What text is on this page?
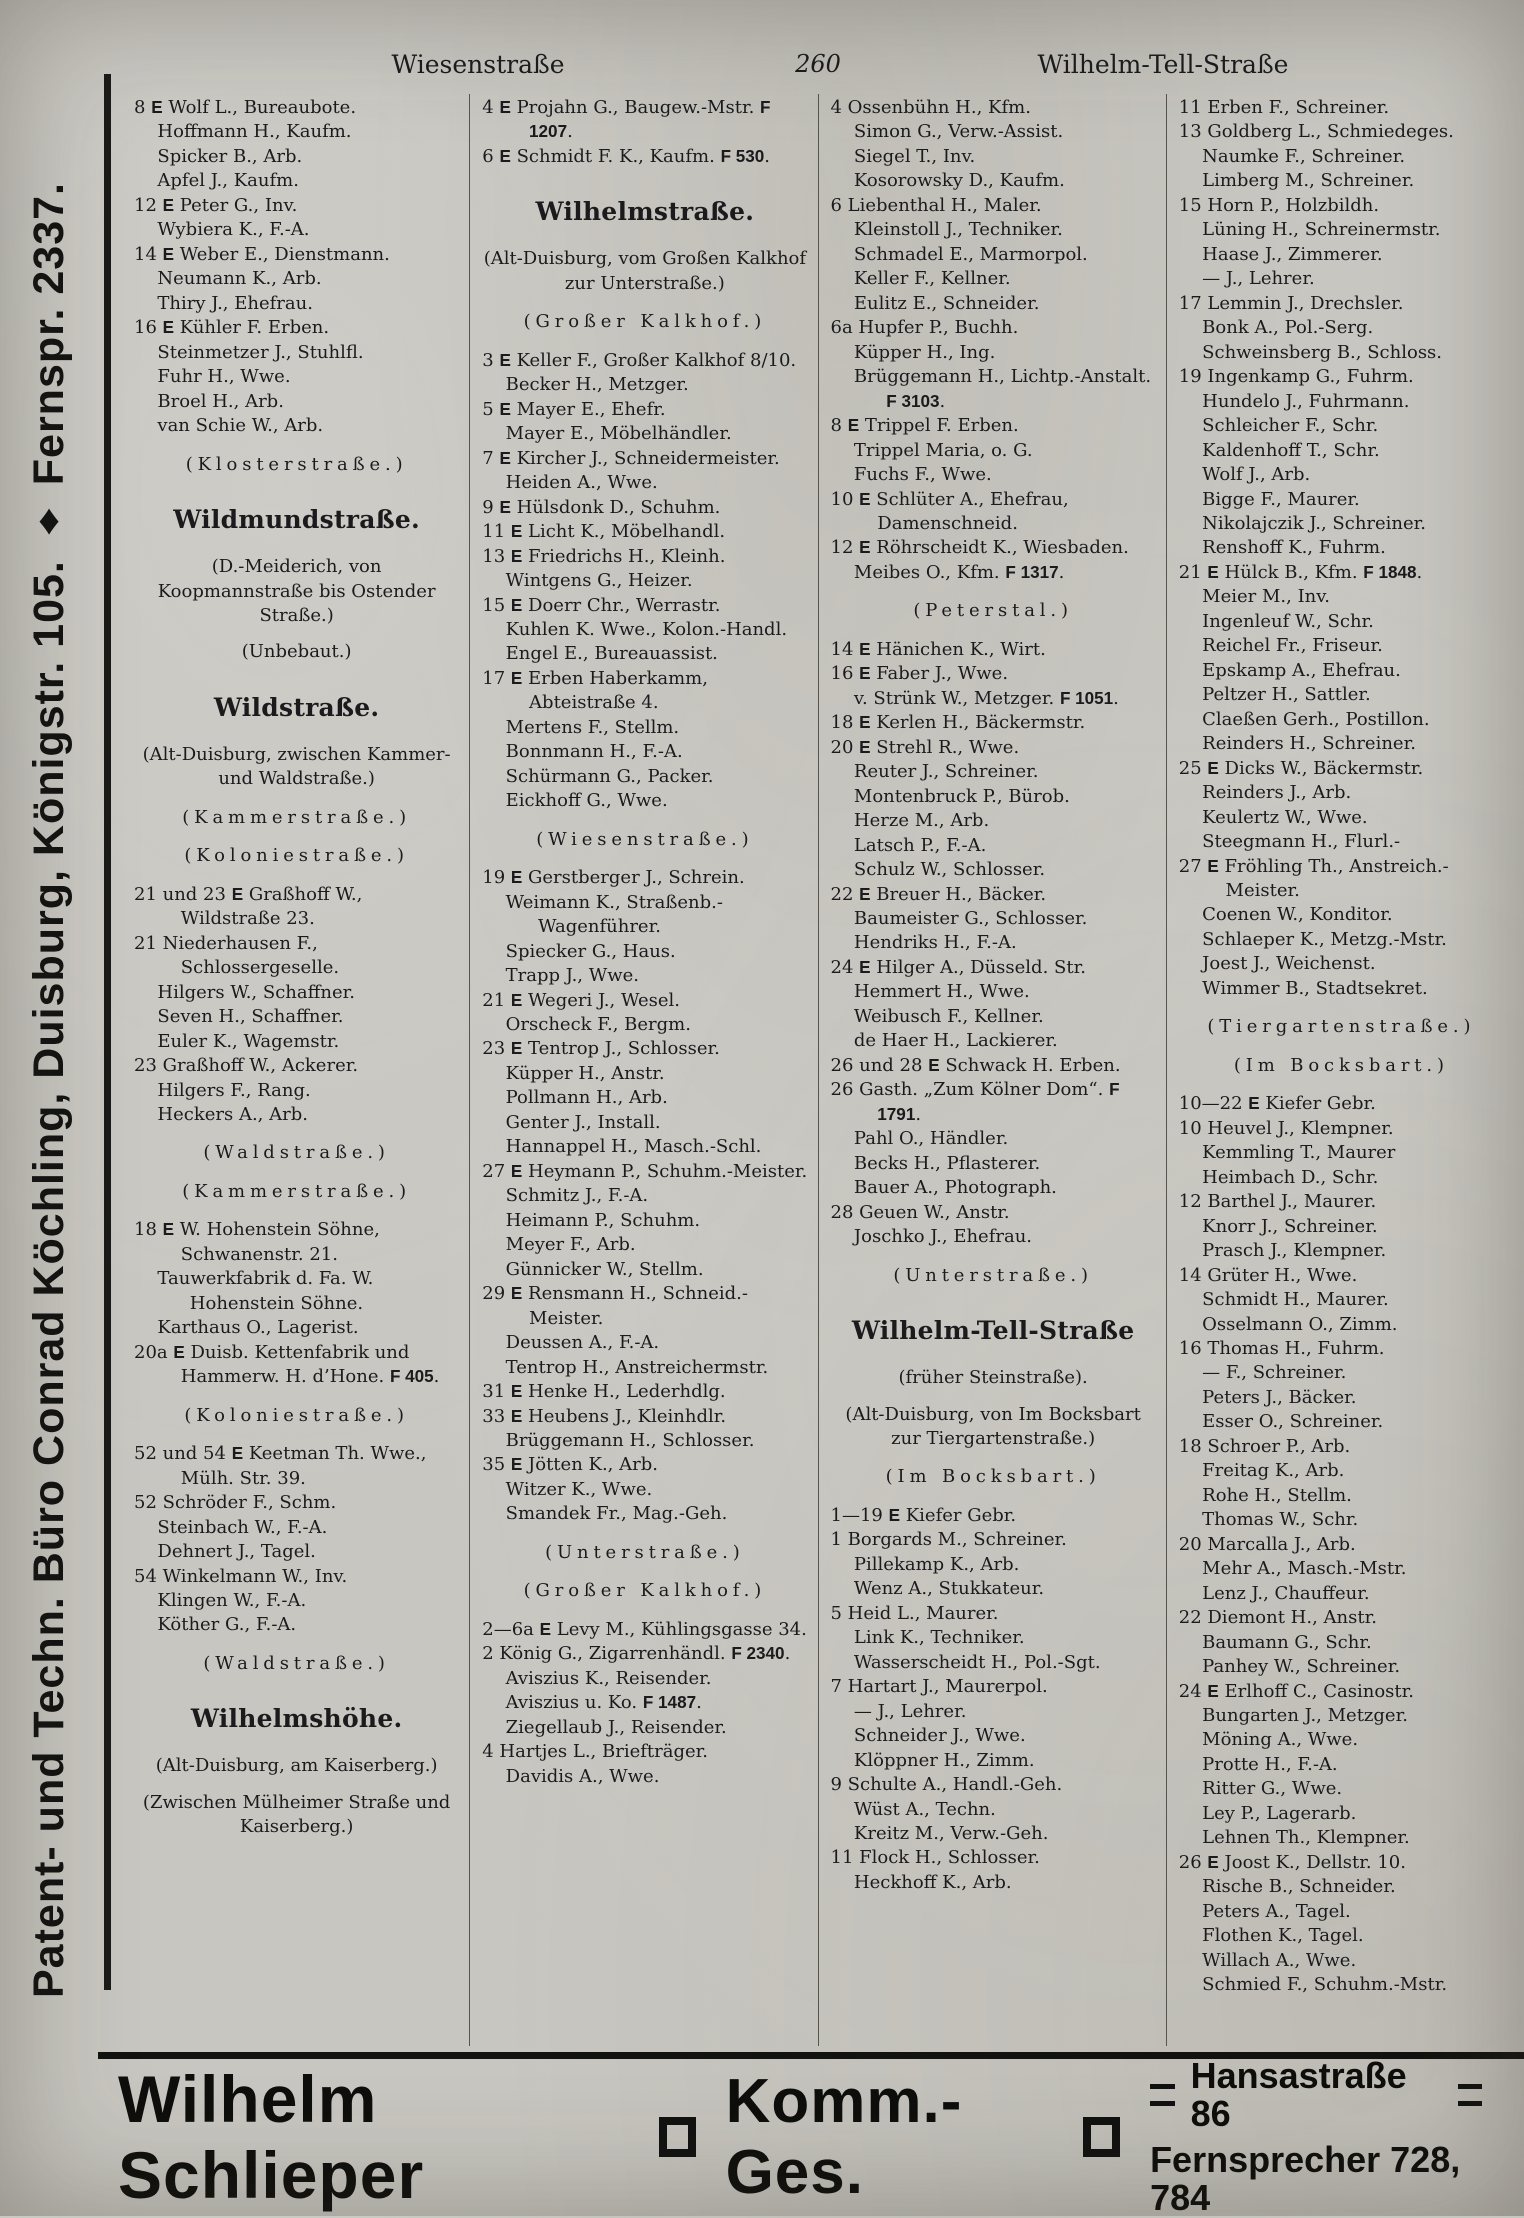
Patent- und Techn. Büro Conrad Köchling, Duisburg, Königstr. 105. ♦ Fernspr. 2337.
Wiesenstraße	260	Wilhelm-Tell-Straße
8 E Wolf L., Bureaubote.
Hoffmann H., Kaufm.
Spicker B., Arb.
Apfel J., Kaufm.
12 E Peter G., Inv.
Wybiera K., F.-A.
14 E Weber E., Dienstmann.
Neumann K., Arb.
Thiry J., Ehefrau.
16 E Kühler F. Erben.
Steinmetzer J., Stuhlfl.
Fuhr H., Wwe.
Broel H., Arb.
van Schie W., Arb.
(Klosterstraße.)
Wildmundstraße.
(D.-Meiderich, von Koopmannstraße bis Ostender Straße.)
(Unbebaut.)
Wildstraße.
(Alt-Duisburg, zwischen Kammer- und Waldstraße.)
(Kammerstraße.)
(Koloniestraße.)
21 und 23 E Graßhoff W., Wildstraße 23.
21 Niederhausen F., Schlossergeselle.
Hilgers W., Schaffner.
Seven H., Schaffner.
Euler K., Wagemstr.
23 Graßhoff W., Ackerer.
Hilgers F., Rang.
Heckers A., Arb.
(Waldstraße.)
(Kammerstraße.)
18 E W. Hohenstein Söhne, Schwanenstr. 21.
Tauwerkfabrik d. Fa. W. Hohenstein Söhne.
Karthaus O., Lagerist.
20a E Duisb. Kettenfabrik und Hammerw. H. d’Hone. F 405.
(Koloniestraße.)
52 und 54 E Keetman Th. Wwe., Mülh. Str. 39.
52 Schröder F., Schm.
Steinbach W., F.-A.
Dehnert J., Tagel.
54 Winkelmann W., Inv.
Klingen W., F.-A.
Köther G., F.-A.
(Waldstraße.)
Wilhelmshöhe.
(Alt-Duisburg, am Kaiserberg.)
(Zwischen Mülheimer Straße und Kaiserberg.)
4 E Projahn G., Baugew.-Mstr. F 1207.
6 E Schmidt F. K., Kaufm. F 530.
Wilhelmstraße.
(Alt-Duisburg, vom Großen Kalkhof zur Unterstraße.)
(Großer Kalkhof.)
3 E Keller F., Großer Kalkhof 8/10.
Becker H., Metzger.
5 E Mayer E., Ehefr.
Mayer E., Möbelhändler.
7 E Kircher J., Schneidermeister.
Heiden A., Wwe.
9 E Hülsdonk D., Schuhm.
11 E Licht K., Möbelhandl.
13 E Friedrichs H., Kleinh.
Wintgens G., Heizer.
15 E Doerr Chr., Werrastr.
Kuhlen K. Wwe., Kolon.-Handl.
Engel E., Bureauassist.
17 E Erben Haberkamm, Abteistraße 4.
Mertens F., Stellm.
Bonnmann H., F.-A.
Schürmann G., Packer.
Eickhoff G., Wwe.
(Wiesenstraße.)
19 E Gerstberger J., Schrein.
Weimann K., Straßenb.-Wagenführer.
Spiecker G., Haus.
Trapp J., Wwe.
21 E Wegeri J., Wesel.
Orscheck F., Bergm.
23 E Tentrop J., Schlosser.
Küpper H., Anstr.
Pollmann H., Arb.
Genter J., Install.
Hannappel H., Masch.-Schl.
27 E Heymann P., Schuhm.-Meister.
Schmitz J., F.-A.
Heimann P., Schuhm.
Meyer F., Arb.
Günnicker W., Stellm.
29 E Rensmann H., Schneid.-Meister.
Deussen A., F.-A.
Tentrop H., Anstreichermstr.
31 E Henke H., Lederhdlg.
33 E Heubens J., Kleinhdlr.
Brüggemann H., Schlosser.
35 E Jötten K., Arb.
Witzer K., Wwe.
Smandek Fr., Mag.-Geh.
(Unterstraße.)
(Großer Kalkhof.)
2—6a E Levy M., Kühlingsgasse 34.
2 König G., Zigarrenhändl. F 2340.
Aviszius K., Reisender.
Aviszius u. Ko. F 1487.
Ziegellaub J., Reisender.
4 Hartjes L., Briefträger.
Davidis A., Wwe.
4 Ossenbühn H., Kfm.
Simon G., Verw.-Assist.
Siegel T., Inv.
Kosorowsky D., Kaufm.
6 Liebenthal H., Maler.
Kleinstoll J., Techniker.
Schmadel E., Marmorpol.
Keller F., Kellner.
Eulitz E., Schneider.
6a Hupfer P., Buchh.
Küpper H., Ing.
Brüggemann H., Lichtp.-Anstalt. F 3103.
8 E Trippel F. Erben.
Trippel Maria, o. G.
Fuchs F., Wwe.
10 E Schlüter A., Ehefrau, Damenschneid.
12 E Röhrscheidt K., Wiesbaden.
Meibes O., Kfm. F 1317.
(Peterstal.)
14 E Hänichen K., Wirt.
16 E Faber J., Wwe.
v. Strünk W., Metzger. F 1051.
18 E Kerlen H., Bäckermstr.
20 E Strehl R., Wwe.
Reuter J., Schreiner.
Montenbruck P., Bürob.
Herze M., Arb.
Latsch P., F.-A.
Schulz W., Schlosser.
22 E Breuer H., Bäcker.
Baumeister G., Schlosser.
Hendriks H., F.-A.
24 E Hilger A., Düsseld. Str.
Hemmert H., Wwe.
Weibusch F., Kellner.
de Haer H., Lackierer.
26 und 28 E Schwack H. Erben.
26 Gasth. „Zum Kölner Dom“. F 1791.
Pahl O., Händler.
Becks H., Pflasterer.
Bauer A., Photograph.
28 Geuen W., Anstr.
Joschko J., Ehefrau.
(Unterstraße.)
Wilhelm-Tell-Straße
(früher Steinstraße).
(Alt-Duisburg, von Im Bocksbart zur Tiergartenstraße.)
(Im Bocksbart.)
1—19 E Kiefer Gebr.
1 Borgards M., Schreiner.
Pillekamp K., Arb.
Wenz A., Stukkateur.
5 Heid L., Maurer.
Link K., Techniker.
Wasserscheidt H., Pol.-Sgt.
7 Hartart J., Maurerpol.
— J., Lehrer.
Schneider J., Wwe.
Klöppner H., Zimm.
9 Schulte A., Handl.-Geh.
Wüst A., Techn.
Kreitz M., Verw.-Geh.
11 Flock H., Schlosser.
Heckhoff K., Arb.
11 Erben F., Schreiner.
13 Goldberg L., Schmiedeges.
Naumke F., Schreiner.
Limberg M., Schreiner.
15 Horn P., Holzbildh.
Lüning H., Schreinermstr.
Haase J., Zimmerer.
— J., Lehrer.
17 Lemmin J., Drechsler.
Bonk A., Pol.-Serg.
Schweinsberg B., Schloss.
19 Ingenkamp G., Fuhrm.
Hundelo J., Fuhrmann.
Schleicher F., Schr.
Kaldenhoff T., Schr.
Wolf J., Arb.
Bigge F., Maurer.
Nikolajczik J., Schreiner.
Renshoff K., Fuhrm.
21 E Hülck B., Kfm. F 1848.
Meier M., Inv.
Ingenleuf W., Schr.
Reichel Fr., Friseur.
Epskamp A., Ehefrau.
Peltzer H., Sattler.
Claeßen Gerh., Postillon.
Reinders H., Schreiner.
25 E Dicks W., Bäckermstr.
Reinders J., Arb.
Keulertz W., Wwe.
Steegmann H., Flurl.-
27 E Fröhling Th., Anstreich.-Meister.
Coenen W., Konditor.
Schlaeper K., Metzg.-Mstr.
Joest J., Weichenst.
Wimmer B., Stadtsekret.
(Tiergartenstraße.)
(Im Bocksbart.)
10—22 E Kiefer Gebr.
10 Heuvel J., Klempner.
Kemmling T., Maurer
Heimbach D., Schr.
12 Barthel J., Maurer.
Knorr J., Schreiner.
Prasch J., Klempner.
14 Grüter H., Wwe.
Schmidt H., Maurer.
Osselmann O., Zimm.
16 Thomas H., Fuhrm.
— F., Schreiner.
Peters J., Bäcker.
Esser O., Schreiner.
18 Schroer P., Arb.
Freitag K., Arb.
Rohe H., Stellm.
Thomas W., Schr.
20 Marcalla J., Arb.
Mehr A., Masch.-Mstr.
Lenz J., Chauffeur.
22 Diemont H., Anstr.
Baumann G., Schr.
Panhey W., Schreiner.
24 E Erlhoff C., Casinostr.
Bungarten J., Metzger.
Möning A., Wwe.
Protte H., F.-A.
Ritter G., Wwe.
Ley P., Lagerarb.
Lehnen Th., Klempner.
26 E Joost K., Dellstr. 10.
Rische B., Schneider.
Peters A., Tagel.
Flothen K., Tagel.
Willach A., Wwe.
Schmied F., Schuhm.-Mstr.
Wilhelm Schlieper
Komm.-Ges.
Hansastraße 86
Fernsprecher 728, 784
